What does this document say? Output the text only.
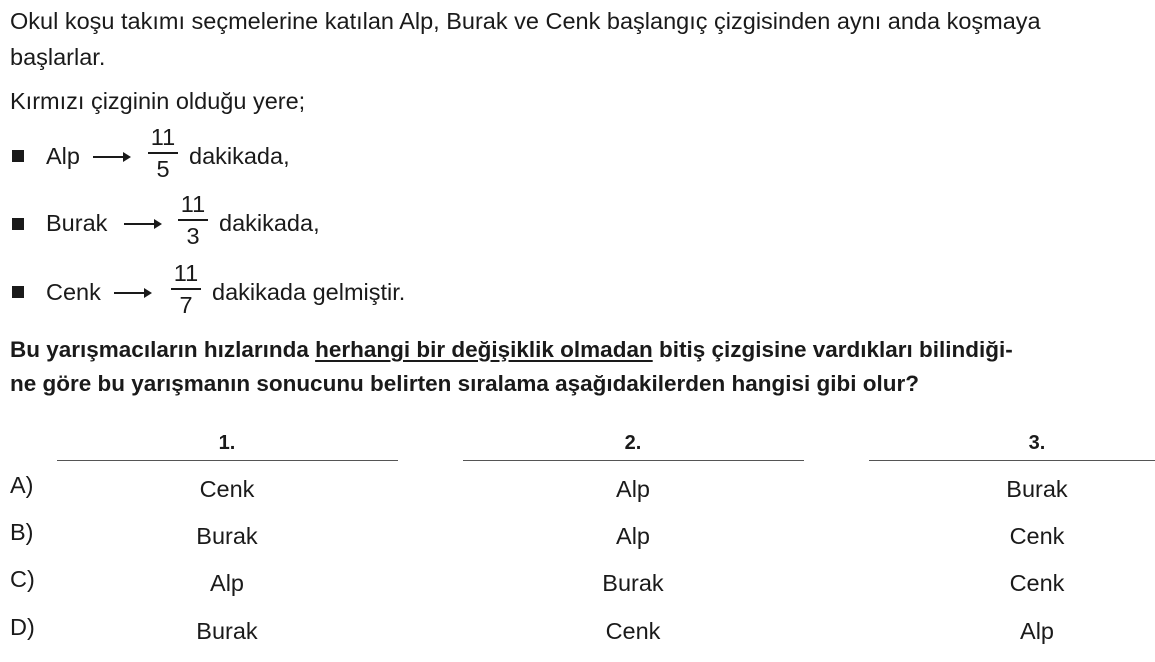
Okul koşu takımı seçmelerine katılan Alp, Burak ve Cenk başlangıç çizgisinden aynı anda koşmaya
başlarlar.
Kırmızı çizginin olduğu yere;
Alp
11
5 dakikada,
Burak
11
3 dakikada,
Cenk
11
7 dakikada gelmiştir.
Bu yarışmacıların hızlarında herhangi bir değişiklik olmadan bitiş çizgisine vardıkları bilindiği-
ne göre bu yarışmanın sonucunu belirten sıralama aşağıdakilerden hangisi gibi olur?
1.	2.	3.
A)	Cenk	Alp	Burak
B)	Burak	Alp	Cenk
C)	Alp	Burak	Cenk
D)	Burak	Cenk	Alp
